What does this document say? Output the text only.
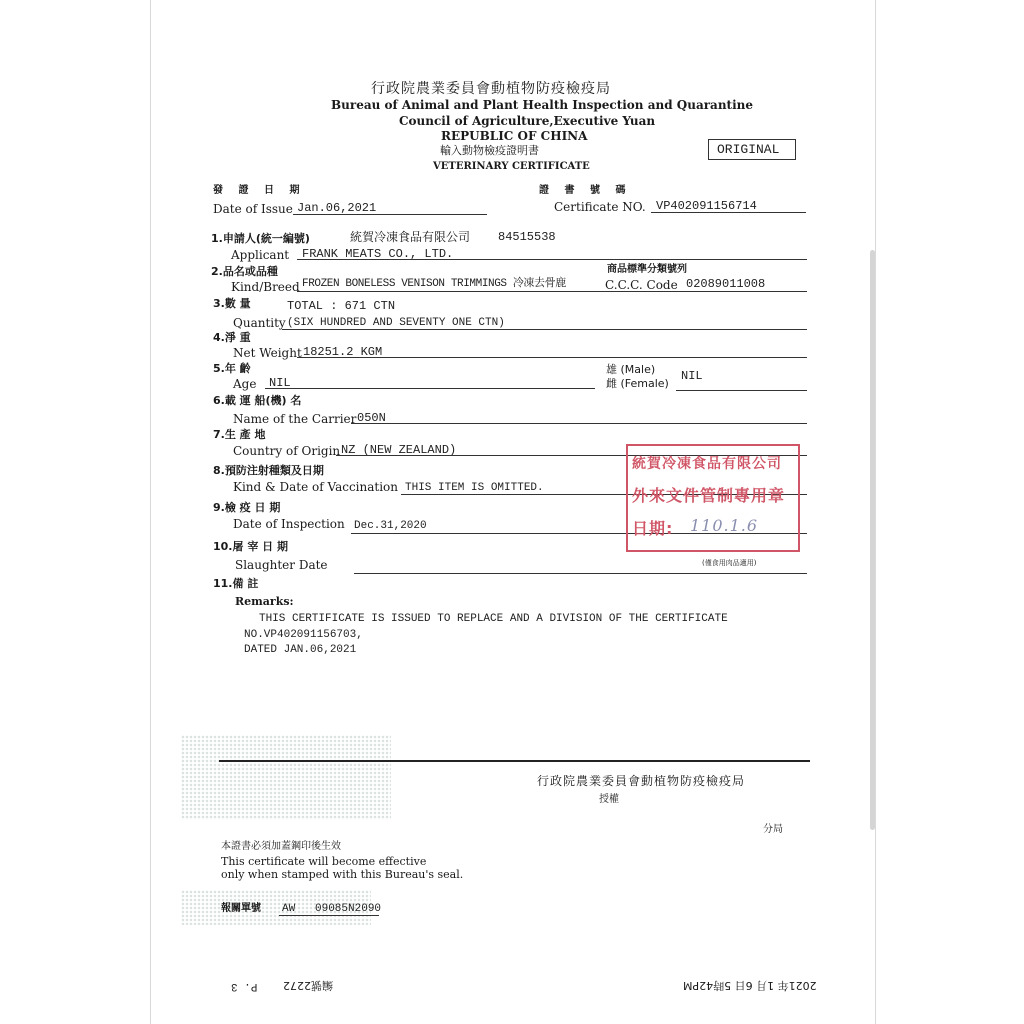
行政院農業委員會動植物防疫檢疫局
Bureau of Animal and Plant Health Inspection and Quarantine
Council of Agriculture,Executive Yuan
REPUBLIC OF CHINA
輸入動物檢疫證明書
VETERINARY CERTIFICATE
ORIGINAL
發 證 日 期
Date of Issue Jan.06,2021
證 書 號 碼
Certificate NO. VP402091156714
1.申請人(統一編號)	統賀冷凍食品有限公司 84515538
Applicant FRANK MEATS CO., LTD.
2.品名或品種	商品標準分類號列
Kind/Breed FROZEN BONELESS VENISON TRIMMINGS 冷凍去骨鹿	C.C.C. Code 02089011008
3.數 量	TOTAL : 671 CTN
Quantity (SIX HUNDRED AND SEVENTY ONE CTN)
4.淨 重
Net Weight 18251.2 KGM
5.年 齡
Age NIL
雄 (Male)
雌 (Female)
NIL
6.載 運 船(機) 名
Name of the Carrier 050N
7.生 產 地
Country of Origin NZ (NEW ZEALAND)
8.預防注射種類及日期
Kind & Date of Vaccination THIS ITEM IS OMITTED.
9.檢 疫 日 期
Date of Inspection Dec.31,2020
10.屠 宰 日 期
Slaughter Date	(僅食用肉品適用)
11.備 註
Remarks:
THIS CERTIFICATE IS ISSUED TO REPLACE AND A DIVISION OF THE CERTIFICATE
NO.VP402091156703,
DATED JAN.06,2021
統賀冷凍食品有限公司
外來文件管制專用章
日期: 110.1.6
行政院農業委員會動植物防疫檢疫局
授權
分局
本證書必須加蓋鋼印後生效
This certificate will become effective
only when stamped with this Bureau's seal.
報關單號 AW   09085N2090
P. 3 編號2272	2021年 1月 6日 5時42PM
